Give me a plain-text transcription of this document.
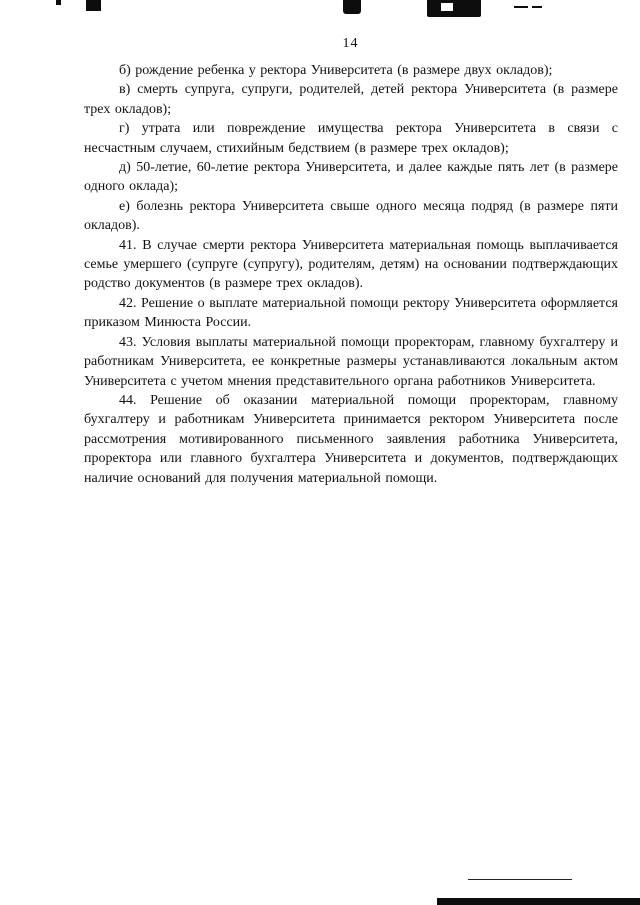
14

б) рождение ребенка у ректора Университета (в размере двух окладов);

в) смерть супруга, супруги, родителей, детей ректора Университета (в размере трех окладов);

г) утрата или повреждение имущества ректора Университета в связи с несчастным случаем, стихийным бедствием (в размере трех окладов);

д) 50-летие, 60-летие ректора Университета, и далее каждые пять лет (в размере одного оклада);

е) болезнь ректора Университета свыше одного месяца подряд (в размере пяти окладов).

41. В случае смерти ректора Университета материальная помощь выплачивается семье умершего (супруге (супругу), родителям, детям) на основании подтверждающих родство документов (в размере трех окладов).

42. Решение о выплате материальной помощи ректору Университета оформляется приказом Минюста России.

43. Условия выплаты материальной помощи проректорам, главному бухгалтеру и работникам Университета, ее конкретные размеры устанавливаются локальным актом Университета с учетом мнения представительного органа работников Университета.

44. Решение об оказании материальной помощи проректорам, главному бухгалтеру и работникам Университета принимается ректором Университета после рассмотрения мотивированного письменного заявления работника Университета, проректора или главного бухгалтера Университета и документов, подтверждающих наличие оснований для получения материальной помощи.
